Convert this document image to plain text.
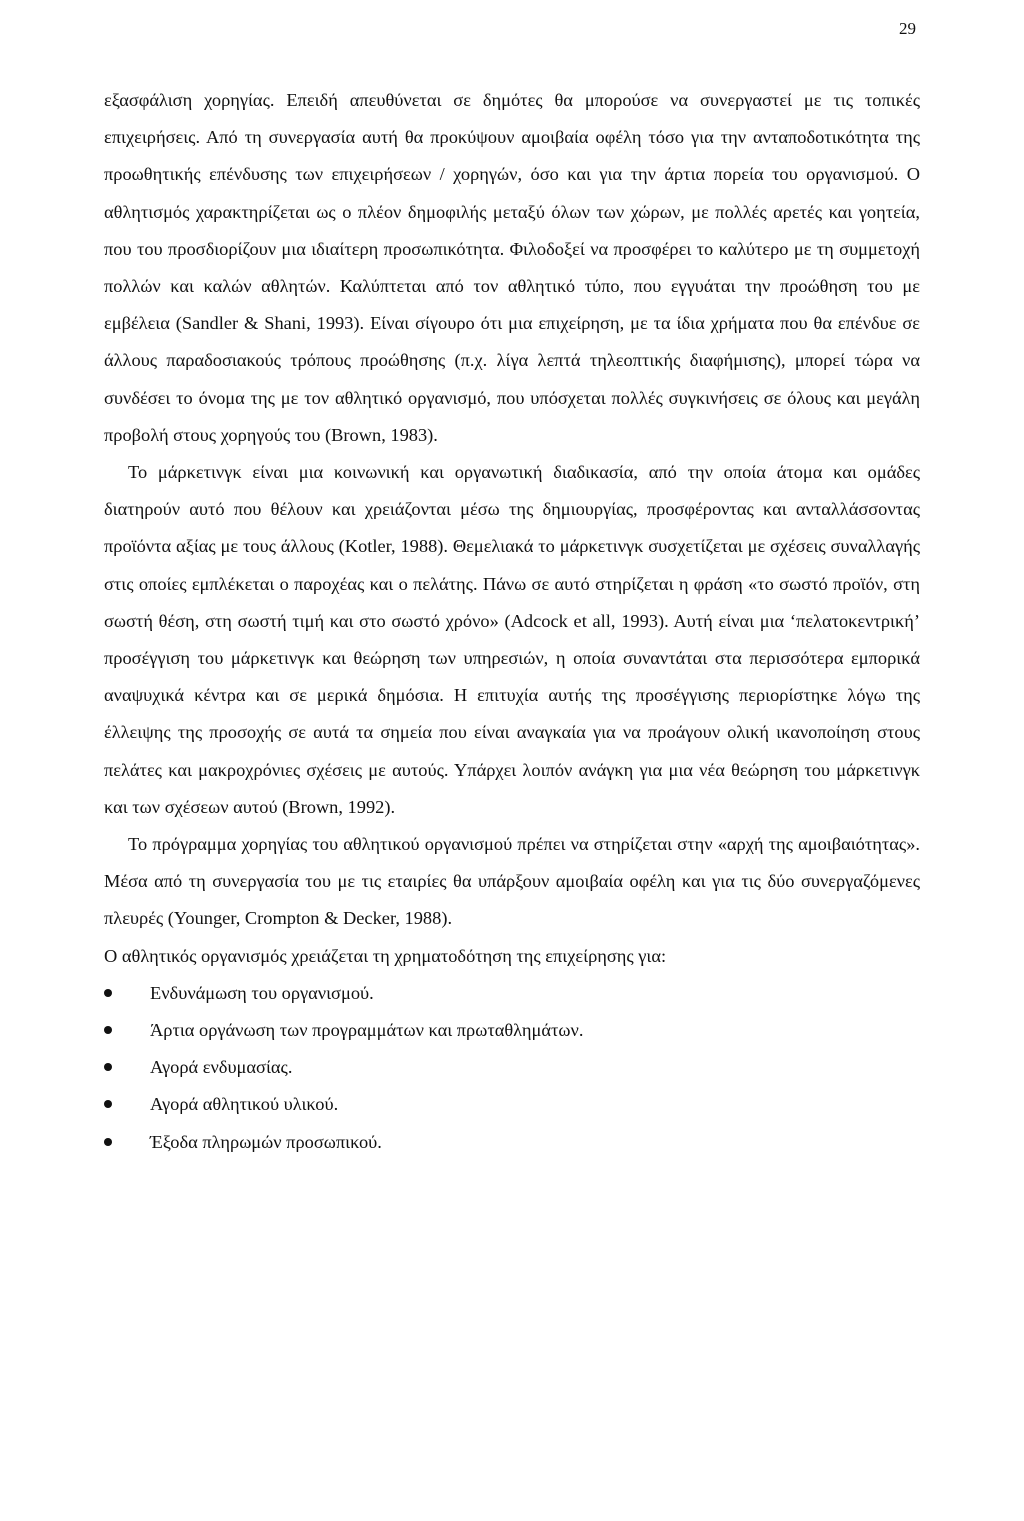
29

εξασφάλιση χορηγίας. Επειδή απευθύνεται σε δημότες θα μπορούσε να συνεργαστεί με τις τοπικές επιχειρήσεις. Από τη συνεργασία αυτή θα προκύψουν αμοιβαία οφέλη τόσο για την ανταποδοτικότητα της προωθητικής επένδυσης των επιχειρήσεων / χορηγών, όσο και για την άρτια πορεία του οργανισμού. Ο αθλητισμός χαρακτηρίζεται ως ο πλέον δημοφιλής μεταξύ όλων των χώρων, με πολλές αρετές και γοητεία, που του προσδιορίζουν μια ιδιαίτερη προσωπικότητα. Φιλοδοξεί να προσφέρει το καλύτερο με τη συμμετοχή πολλών και καλών αθλητών. Καλύπτεται από τον αθλητικό τύπο, που εγγυάται την προώθηση του με εμβέλεια (Sandler & Shani, 1993). Είναι σίγουρο ότι μια επιχείρηση, με τα ίδια χρήματα που θα επένδυε σε άλλους παραδοσιακούς τρόπους προώθησης (π.χ. λίγα λεπτά τηλεοπτικής διαφήμισης), μπορεί τώρα να συνδέσει το όνομα της με τον αθλητικό οργανισμό, που υπόσχεται πολλές συγκινήσεις σε όλους και μεγάλη προβολή στους χορηγούς του (Brown, 1983).

Το μάρκετινγκ είναι μια κοινωνική και οργανωτική διαδικασία, από την οποία άτομα και ομάδες διατηρούν αυτό που θέλουν και χρειάζονται μέσω της δημιουργίας, προσφέροντας και ανταλλάσσοντας προϊόντα αξίας με τους άλλους (Kotler, 1988). Θεμελιακά το μάρκετινγκ συσχετίζεται με σχέσεις συναλλαγής στις οποίες εμπλέκεται ο παροχέας και ο πελάτης. Πάνω σε αυτό στηρίζεται η φράση «το σωστό προϊόν, στη σωστή θέση, στη σωστή τιμή και στο σωστό χρόνο» (Adcock et all, 1993). Αυτή είναι μια ‘πελατοκεντρική’ προσέγγιση του μάρκετινγκ και θεώρηση των υπηρεσιών, η οποία συναντάται στα περισσότερα εμπορικά αναψυχικά κέντρα και σε μερικά δημόσια. Η επιτυχία αυτής της προσέγγισης περιορίστηκε λόγω της έλλειψης της προσοχής σε αυτά τα σημεία που είναι αναγκαία για να προάγουν ολική ικανοποίηση στους πελάτες και μακροχρόνιες σχέσεις με αυτούς. Υπάρχει λοιπόν ανάγκη για μια νέα θεώρηση του μάρκετινγκ και των σχέσεων αυτού (Brown, 1992).

Το πρόγραμμα χορηγίας του αθλητικού οργανισμού πρέπει να στηρίζεται στην «αρχή της αμοιβαιότητας». Μέσα από τη συνεργασία του με τις εταιρίες θα υπάρξουν αμοιβαία οφέλη και για τις δύο συνεργαζόμενες πλευρές (Younger, Crompton & Decker, 1988).

Ο αθλητικός οργανισμός χρειάζεται τη χρηματοδότηση της επιχείρησης για:

Ενδυνάμωση του οργανισμού.
Άρτια οργάνωση των προγραμμάτων και πρωταθλημάτων.
Αγορά ενδυμασίας.
Αγορά αθλητικού υλικού.
Έξοδα πληρωμών προσωπικού.
